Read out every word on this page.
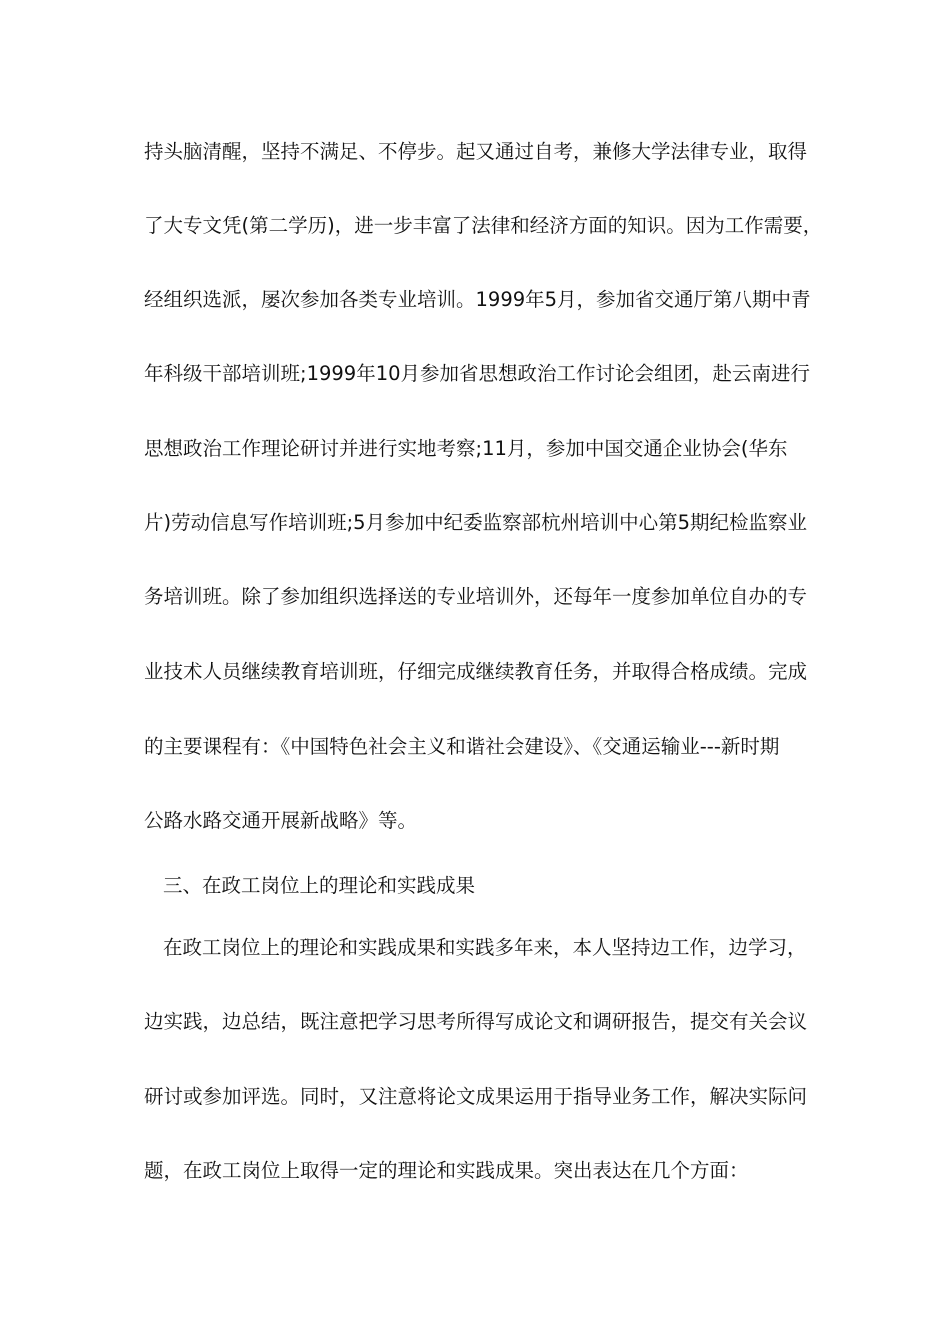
持头脑清醒，坚持不满足、不停步。起又通过自考，兼修大学法律专业，取得
了大专文凭(第二学历)，进一步丰富了法律和经济方面的知识。因为工作需要，
经组织选派，屡次参加各类专业培训。1999年5月，参加省交通厅第八期中青
年科级干部培训班;1999年10月参加省思想政治工作讨论会组团，赴云南进行
思想政治工作理论研讨并进行实地考察;11月，参加中国交通企业协会(华东
片)劳动信息写作培训班;5月参加中纪委监察部杭州培训中心第5期纪检监察业
务培训班。除了参加组织选择送的专业培训外，还每年一度参加单位自办的专
业技术人员继续教育培训班，仔细完成继续教育任务，并取得合格成绩。完成
的主要课程有：《中国特色社会主义和谐社会建设》、《交通运输业---新时期
公路水路交通开展新战略》等。
三、在政工岗位上的理论和实践成果
在政工岗位上的理论和实践成果和实践多年来，本人坚持边工作，边学习，
边实践，边总结，既注意把学习思考所得写成论文和调研报告，提交有关会议
研讨或参加评选。同时，又注意将论文成果运用于指导业务工作，解决实际问
题，在政工岗位上取得一定的理论和实践成果。突出表达在几个方面：
